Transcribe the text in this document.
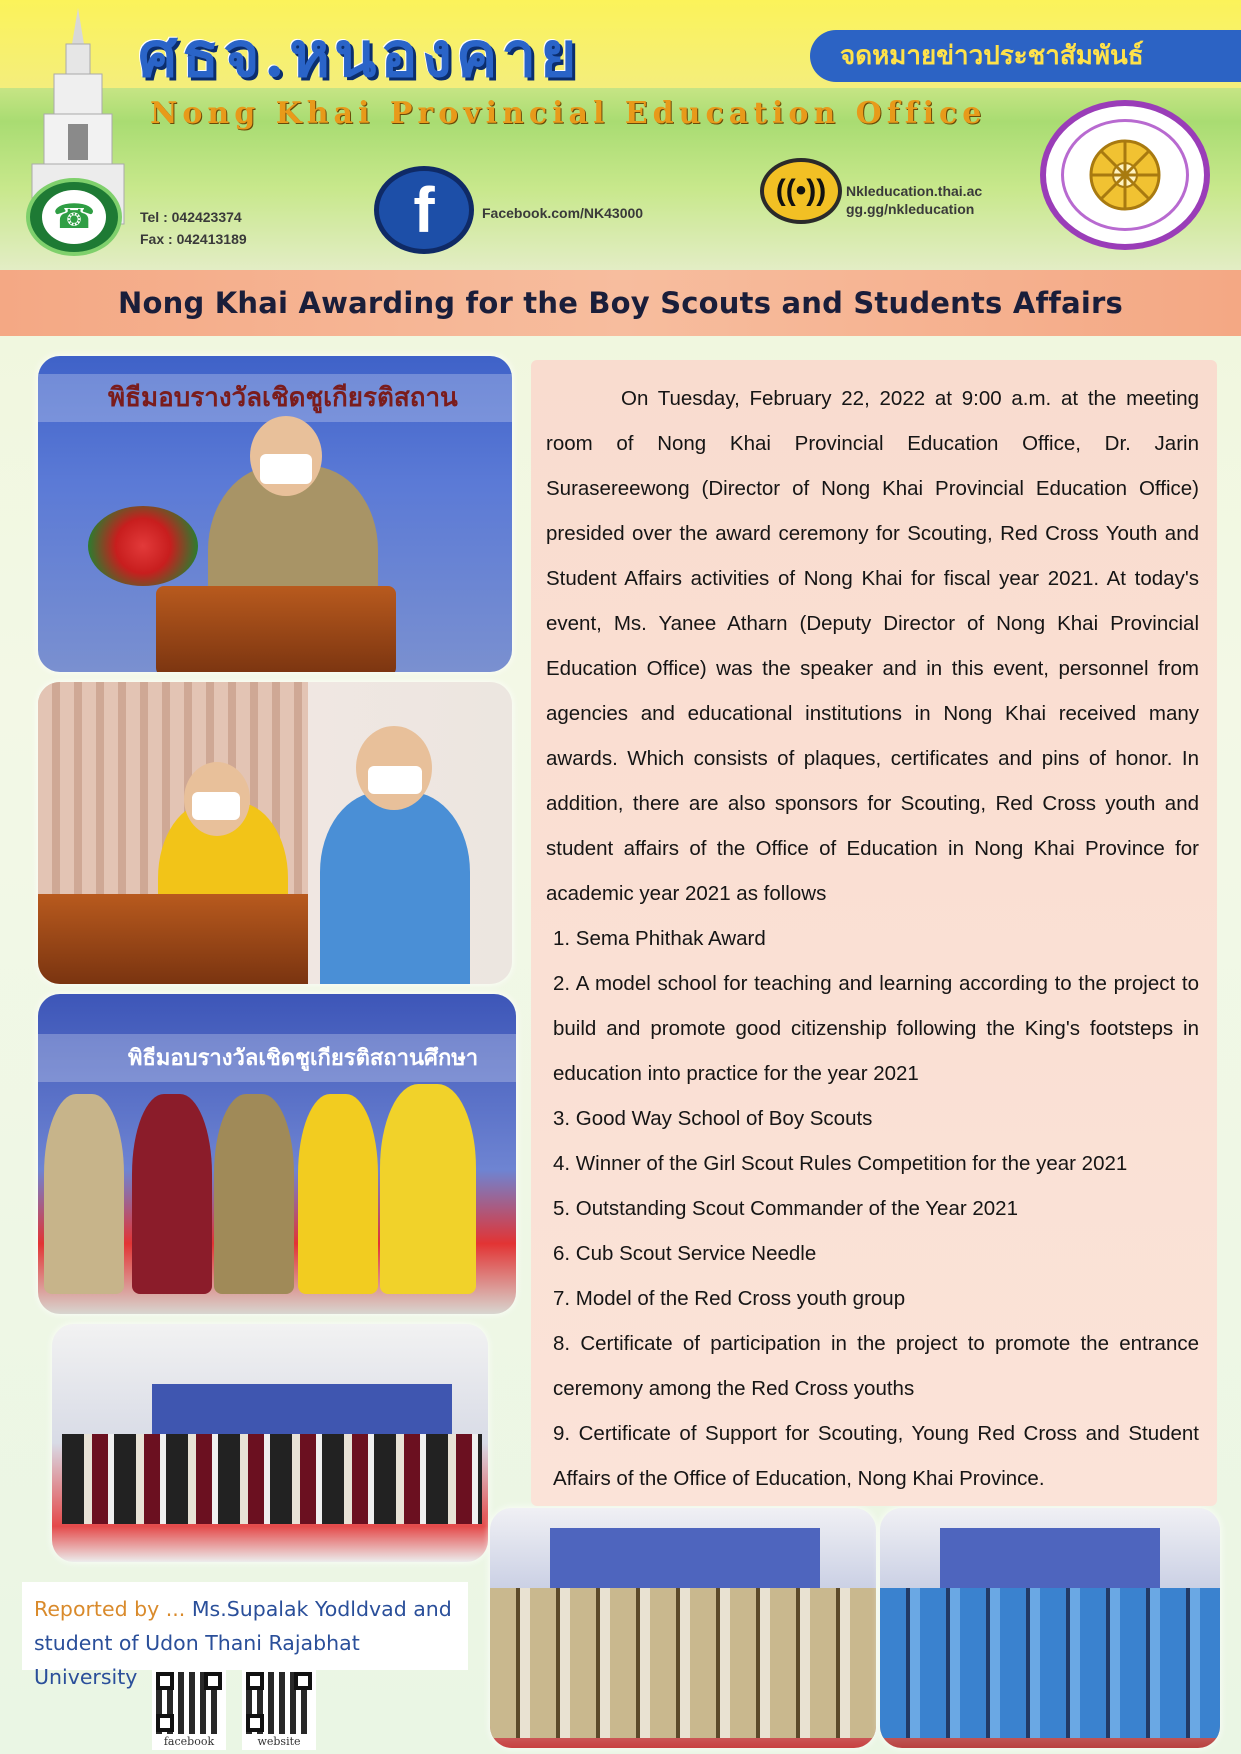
ศธจ.หนองคาย	จดหมายข่าวประชาสัมพันธ์
Nong Khai Provincial Education Office
☎	Tel : 042423374
Fax : 042413189	f	Facebook.com/NK43000
((•)) Nkleducation.thai.ac
gg.gg/nkleducation
Nong Khai Awarding for the Boy Scouts and Students Affairs
พิธีมอบรางวัลเชิดชูเกียรติสถาน
พิธีมอบรางวัลเชิดชูเกียรติสถานศึกษา

On Tuesday, February 22, 2022 at 9:00 a.m. at the meeting room of Nong Khai Provincial Education Office, Dr. Jarin Surasereewong (Director of Nong Khai Provincial Education Office) presided over the award ceremony for Scouting, Red Cross Youth and Student Affairs activities of Nong Khai for fiscal year 2021. At today's event, Ms. Yanee Atharn (Deputy Director of Nong Khai Provincial Education Office) was the speaker and in this event, personnel from agencies and educational institutions in Nong Khai received many awards. Which consists of plaques, certificates and pins of honor. In addition, there are also sponsors for Scouting, Red Cross youth and student affairs of the Office of Education in Nong Khai Province for academic year 2021 as follows

1. Sema Phithak Award

2. A model school for teaching and learning according to the project to build and promote good citizenship following the King's footsteps in education into practice for the year 2021

3. Good Way School of Boy Scouts

4. Winner of the Girl Scout Rules Competition for the year 2021

5. Outstanding Scout Commander of the Year 2021

6. Cub Scout Service Needle

7. Model of the Red Cross youth group

8. Certificate of participation in the project to promote the entrance ceremony among the Red Cross youths

9. Certificate of Support for Scouting, Young Red Cross and Student Affairs of the Office of Education, Nong Khai Province.

Reported by ... Ms.Supalak Yodldvad and
student of Udon Thani Rajabhat University
facebook	website
